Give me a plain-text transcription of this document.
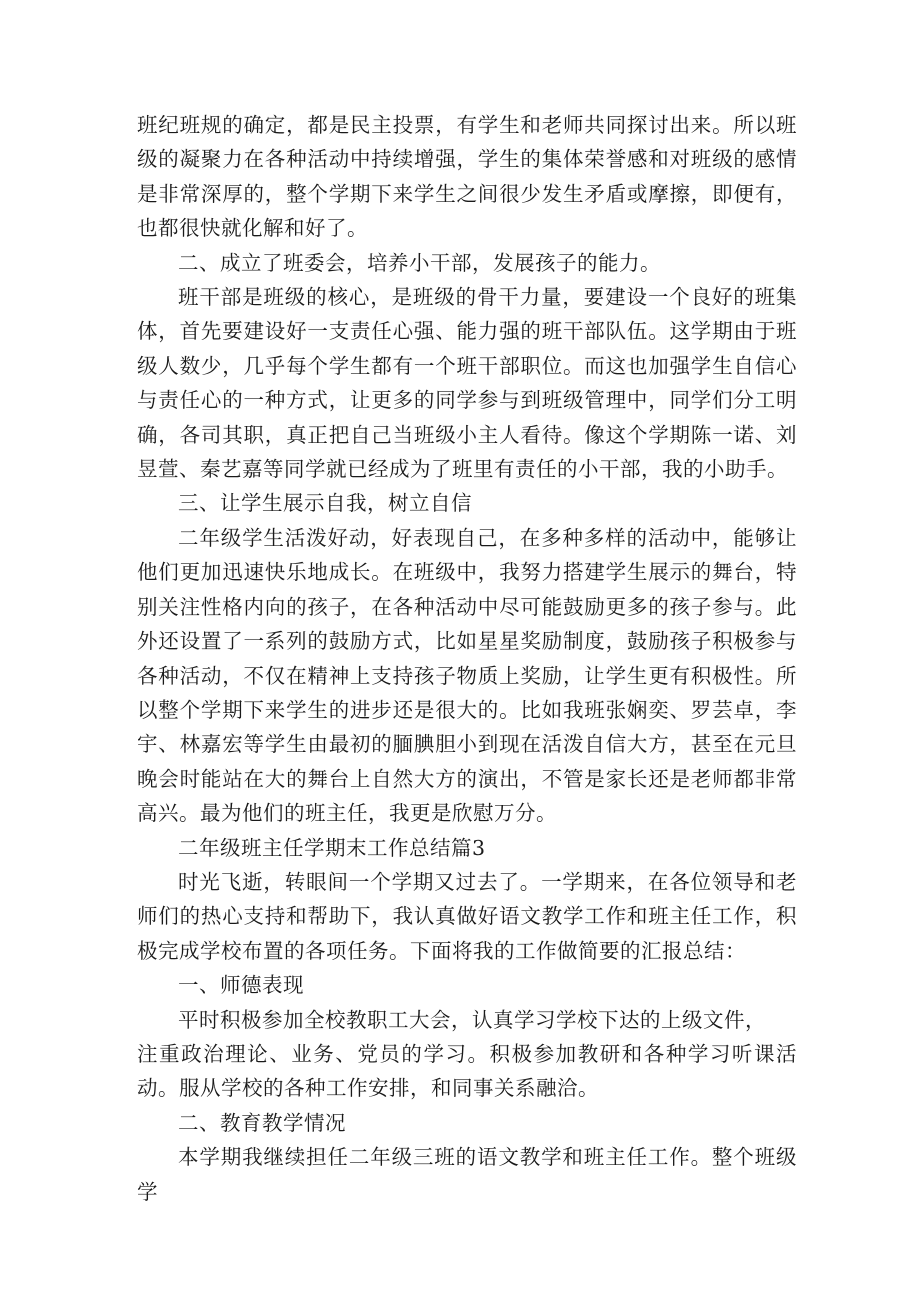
班纪班规的确定，都是民主投票，有学生和老师共同探讨出来。所以班级的凝聚力在各种活动中持续增强，学生的集体荣誉感和对班级的感情是非常深厚的，整个学期下来学生之间很少发生矛盾或摩擦，即便有，也都很快就化解和好了。

二、成立了班委会，培养小干部，发展孩子的能力。

班干部是班级的核心，是班级的骨干力量，要建设一个良好的班集体，首先要建设好一支责任心强、能力强的班干部队伍。这学期由于班级人数少，几乎每个学生都有一个班干部职位。而这也加强学生自信心与责任心的一种方式，让更多的同学参与到班级管理中，同学们分工明确，各司其职，真正把自己当班级小主人看待。像这个学期陈一诺、刘昱萱、秦艺嘉等同学就已经成为了班里有责任的小干部，我的小助手。

三、让学生展示自我，树立自信

二年级学生活泼好动，好表现自己，在多种多样的活动中，能够让他们更加迅速快乐地成长。在班级中，我努力搭建学生展示的舞台，特别关注性格内向的孩子，在各种活动中尽可能鼓励更多的孩子参与。此外还设置了一系列的鼓励方式，比如星星奖励制度，鼓励孩子积极参与各种活动，不仅在精神上支持孩子物质上奖励，让学生更有积极性。所以整个学期下来学生的进步还是很大的。比如我班张娴奕、罗芸卓，李宇、林嘉宏等学生由最初的腼腆胆小到现在活泼自信大方，甚至在元旦晚会时能站在大的舞台上自然大方的演出，不管是家长还是老师都非常高兴。最为他们的班主任，我更是欣慰万分。

二年级班主任学期末工作总结篇3

时光飞逝，转眼间一个学期又过去了。一学期来，在各位领导和老师们的热心支持和帮助下，我认真做好语文教学工作和班主任工作，积极完成学校布置的各项任务。下面将我的工作做简要的汇报总结：

一、师德表现

平时积极参加全校教职工大会，认真学习学校下达的上级文件，

注重政治理论、业务、党员的学习。积极参加教研和各种学习听课活动。服从学校的各种工作安排，和同事关系融洽。

二、教育教学情况

本学期我继续担任二年级三班的语文教学和班主任工作。整个班级学
